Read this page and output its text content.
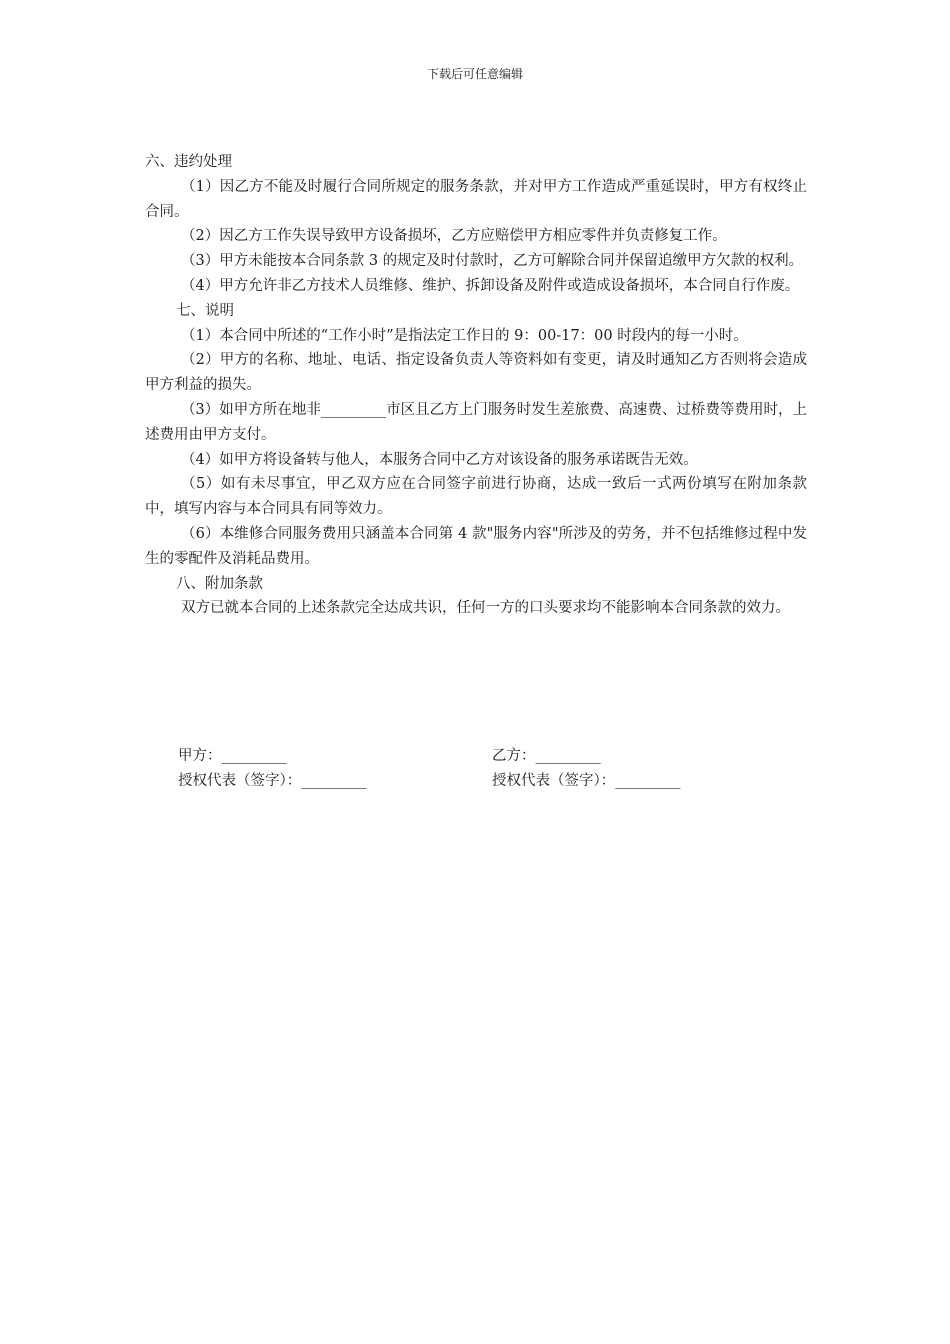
下载后可任意编辑

六、违约处理

（1）因乙方不能及时履行合同所规定的服务条款，并对甲方工作造成严重延误时，甲方有权终止合同。

（2）因乙方工作失误导致甲方设备损坏，乙方应赔偿甲方相应零件并负责修复工作。

（3）甲方未能按本合同条款 3 的规定及时付款时，乙方可解除合同并保留追缴甲方欠款的权利。

（4）甲方允许非乙方技术人员维修、维护、拆卸设备及附件或造成设备损坏，本合同自行作废。

七、说明

（1）本合同中所述的“工作小时”是指法定工作日的 9：00-17：00 时段内的每一小时。

（2）甲方的名称、地址、电话、指定设备负责人等资料如有变更，请及时通知乙方否则将会造成甲方利益的损失。

（3）如甲方所在地非_________市区且乙方上门服务时发生差旅费、高速费、过桥费等费用时，上述费用由甲方支付。

（4）如甲方将设备转与他人，本服务合同中乙方对该设备的服务承诺既告无效。

（5）如有未尽事宜，甲乙双方应在合同签字前进行协商，达成一致后一式两份填写在附加条款中，填写内容与本合同具有同等效力。

（6）本维修合同服务费用只涵盖本合同第 4 款"服务内容"所涉及的劳务，并不包括维修过程中发生的零配件及消耗品费用。

八、附加条款

双方已就本合同的上述条款完全达成共识，任何一方的口头要求均不能影响本合同条款的效力。

甲方：_________	乙方：_________
授权代表（签字）：_________	授权代表（签字）：_________
